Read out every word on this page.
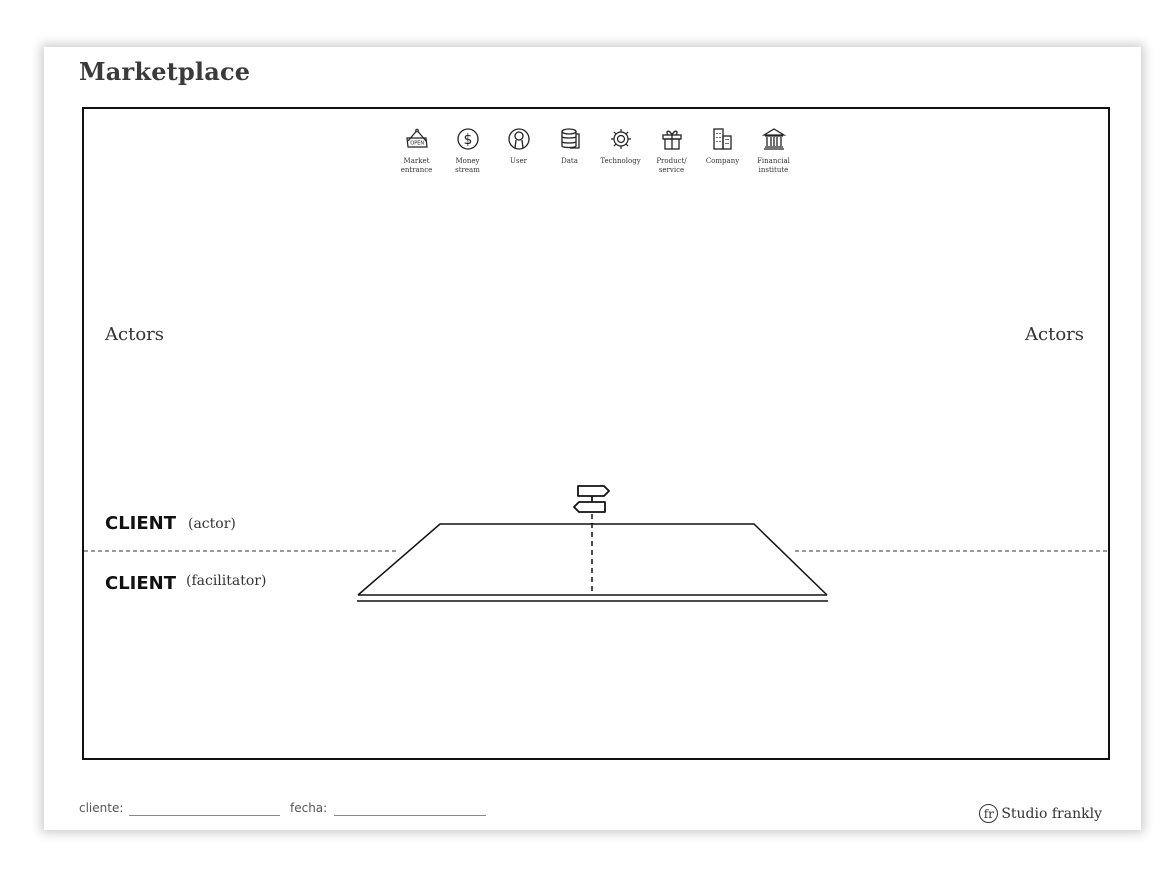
Marketplace
OPEN
Market
entrance
$
Money
stream
User	Data	Technology Product/
service
Company	Financial
institute
Actors	Actors
CLIENT (actor)
CLIENT (facilitator)
cliente:	fecha:	fr Studio frankly
